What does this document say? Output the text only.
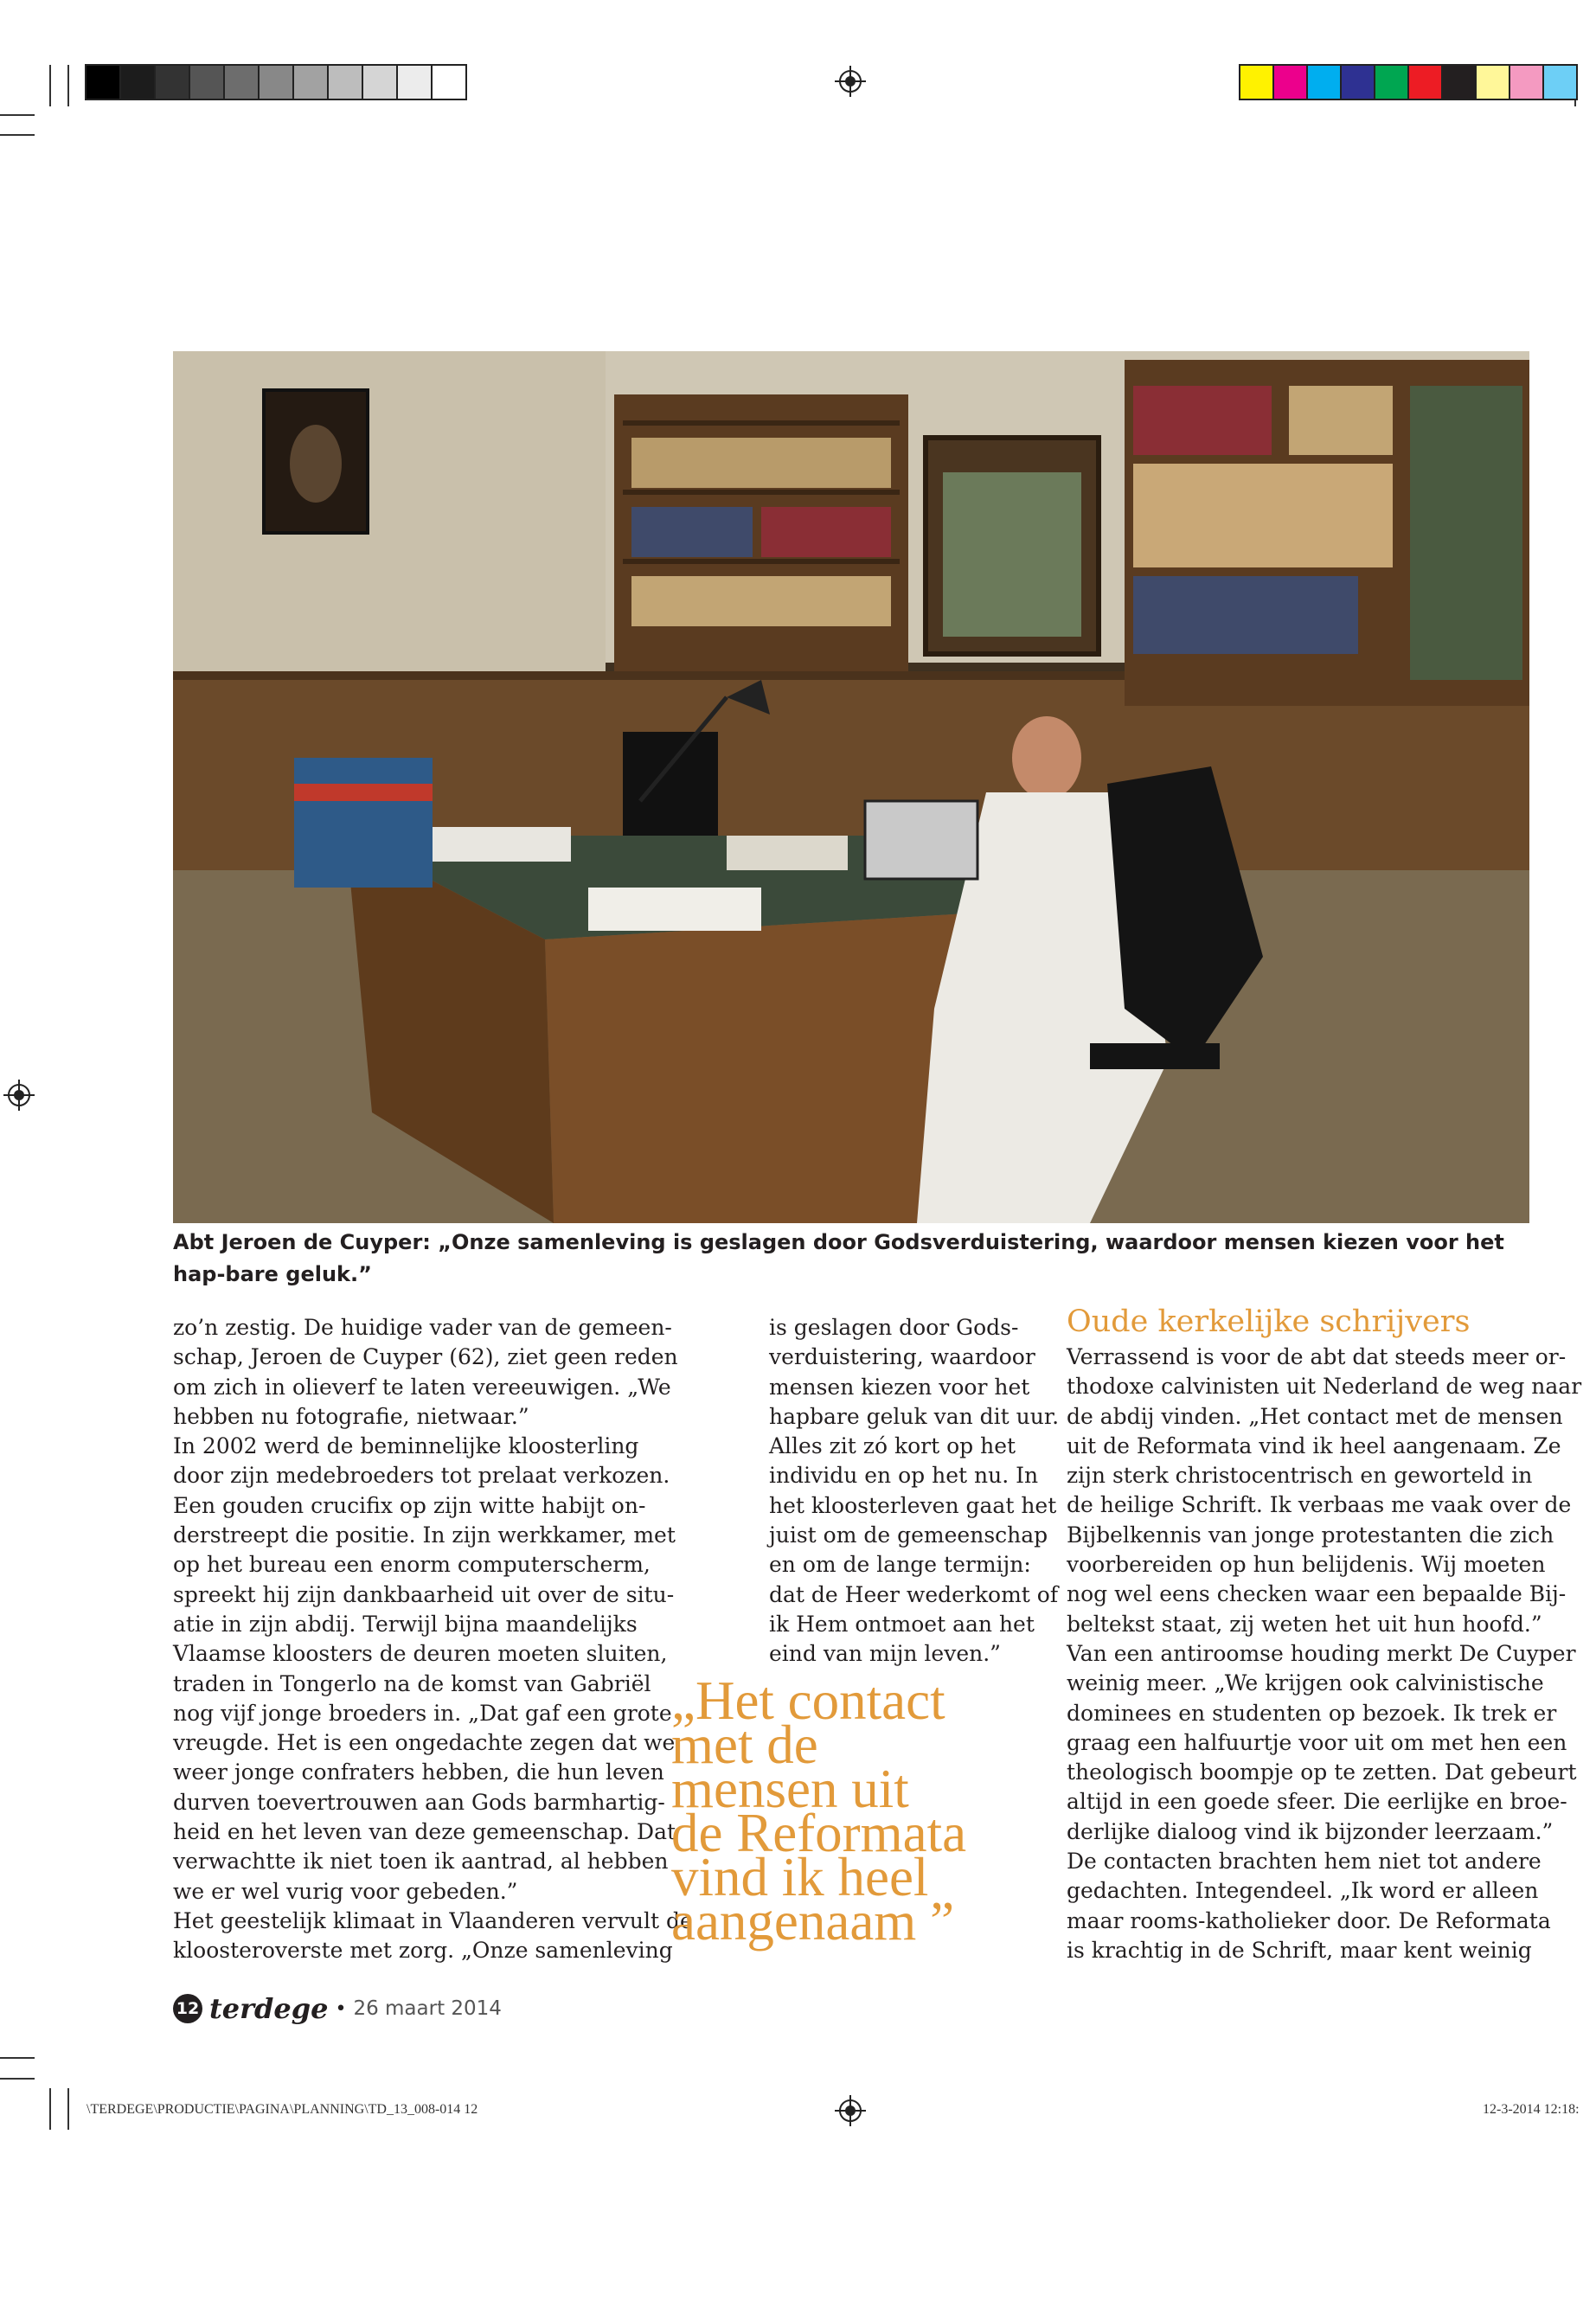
Abt Jeroen de Cuyper: „Onze samenleving is geslagen door Godsverduistering, waardoor mensen kiezen voor het hap-bare geluk.”
zo’n zestig. De huidige vader van de gemeen-
schap, Jeroen de Cuyper (62), ziet geen reden
om zich in olieverf te laten vereeuwigen. „We
hebben nu fotografie, nietwaar.”
In 2002 werd de beminnelijke kloosterling
door zijn medebroeders tot prelaat verkozen.
Een gouden crucifix op zijn witte habijt on-
derstreept die positie. In zijn werkkamer, met
op het bureau een enorm computerscherm,
spreekt hij zijn dankbaarheid uit over de situ-
atie in zijn abdij. Terwijl bijna maandelijks
Vlaamse kloosters de deuren moeten sluiten,
traden in Tongerlo na de komst van Gabriël
nog vijf jonge broeders in. „Dat gaf een grote
vreugde. Het is een ongedachte zegen dat we
weer jonge confraters hebben, die hun leven
durven toevertrouwen aan Gods barmhartig-
heid en het leven van deze gemeenschap. Dat
verwachtte ik niet toen ik aantrad, al hebben
we er wel vurig voor gebeden.”
Het geestelijk klimaat in Vlaanderen vervult de
kloosteroverste met zorg. „Onze samenleving
is geslagen door Gods-
verduistering, waardoor
mensen kiezen voor het
hapbare geluk van dit uur.
Alles zit zó kort op het
individu en op het nu. In
het kloosterleven gaat het
juist om de gemeenschap
en om de lange termijn:
dat de Heer wederkomt of
ik Hem ontmoet aan het
eind van mijn leven.”
Oude kerkelijke schrijvers
Verrassend is voor de abt dat steeds meer or-
thodoxe calvinisten uit Nederland de weg naar
de abdij vinden. „Het contact met de mensen
uit de Reformata vind ik heel aangenaam. Ze
zijn sterk christocentrisch en geworteld in
de heilige Schrift. Ik verbaas me vaak over de
Bijbelkennis van jonge protestanten die zich
voorbereiden op hun belijdenis. Wij moeten
nog wel eens checken waar een bepaalde Bij-
beltekst staat, zij weten het uit hun hoofd.”
Van een antiroomse houding merkt De Cuyper
weinig meer. „We krijgen ook calvinistische
dominees en studenten op bezoek. Ik trek er
graag een halfuurtje voor uit om met hen een
theologisch boompje op te zetten. Dat gebeurt
altijd in een goede sfeer. Die eerlijke en broe-
derlijke dialoog vind ik bijzonder leerzaam.”
De contacten brachten hem niet tot andere
gedachten. Integendeel. „Ik word er alleen
maar rooms-katholieker door. De Reformata
is krachtig in de Schrift, maar kent weinig
„Het contact
met de
mensen uit
de Reformata
vind ik heel
aangenaam ”
12 terdege • 26 maart 2014
\TERDEGE\PRODUCTIE\PAGINA\PLANNING\TD_13_008-014 12	12-3-2014 12:18:
